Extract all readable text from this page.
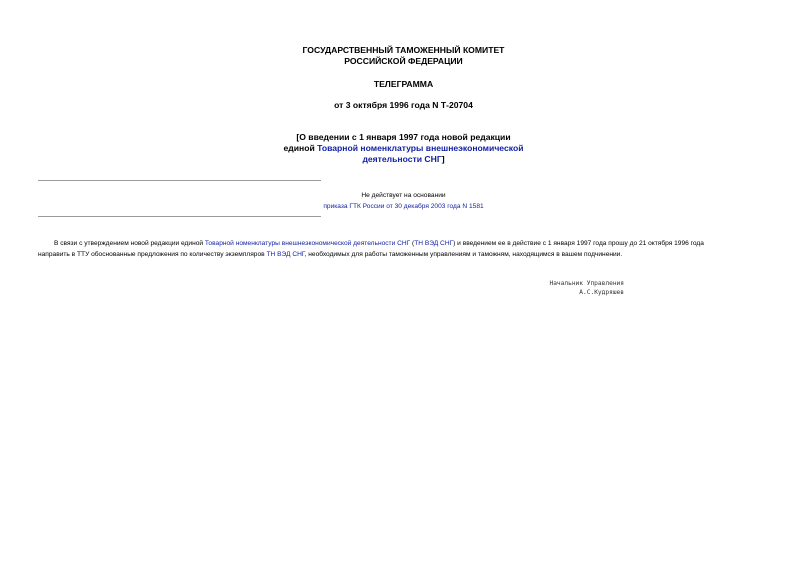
ГОСУДАРСТВЕННЫЙ ТАМОЖЕННЫЙ КОМИТЕТ
РОССИЙСКОЙ ФЕДЕРАЦИИ
ТЕЛЕГРАММА
от 3 октября 1996 года N Т-20704
[О введении с 1 января 1997 года новой редакции
единой Товарной номенклатуры внешнеэкономической
деятельности СНГ]
Не действует на основании
приказа ГТК России от 30 декабря 2003 года N 1581
В связи с утверждением новой редакции единой Товарной номенклатуры внешнеэкономической деятельности СНГ (ТН ВЭД СНГ) и введением ее в действие с 1 января 1997 года прошу до 21 октября 1996 года
направить в ТТУ обоснованные предложения по количеству экземпляров ТН ВЭД СНГ, необходимых для работы таможенным управлениям и таможням, находящимся в вашем подчинении.
Начальник Управления
А.С.Кудряшев
